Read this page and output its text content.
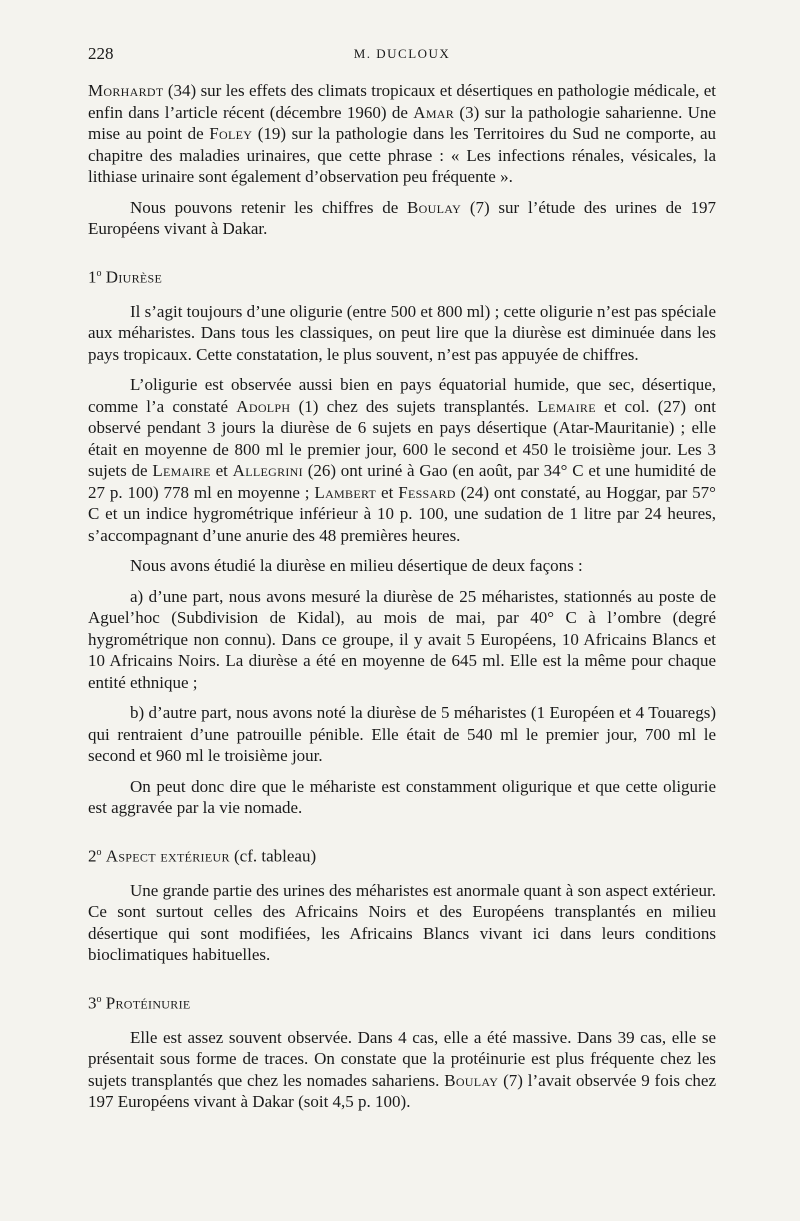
228	M. DUCLOUX

Morhardt (34) sur les effets des climats tropicaux et désertiques en pathologie médicale, et enfin dans l’article récent (décembre 1960) de Amar (3) sur la pathologie saharienne. Une mise au point de Foley (19) sur la pathologie dans les Territoires du Sud ne comporte, au chapitre des maladies urinaires, que cette phrase : « Les infections rénales, vésicales, la lithiase urinaire sont également d’observation peu fréquente ».

Nous pouvons retenir les chiffres de Boulay (7) sur l’étude des urines de 197 Européens vivant à Dakar.

1$^o$ Diurèse

Il s’agit toujours d’une oligurie (entre 500 et 800 ml) ; cette oligurie n’est pas spéciale aux méharistes. Dans tous les classiques, on peut lire que la diurèse est diminuée dans les pays tropicaux. Cette constatation, le plus souvent, n’est pas appuyée de chiffres.

L’oligurie est observée aussi bien en pays équatorial humide, que sec, désertique, comme l’a constaté Adolph (1) chez des sujets transplantés. Lemaire et col. (27) ont observé pendant 3 jours la diurèse de 6 sujets en pays désertique (Atar-Mauritanie) ; elle était en moyenne de 800 ml le premier jour, 600 le second et 450 le troisième jour. Les 3 sujets de Lemaire et Allegrini (26) ont uriné à Gao (en août, par 34° C et une humidité de 27 p. 100) 778 ml en moyenne ; Lambert et Fessard (24) ont constaté, au Hoggar, par 57° C et un indice hygrométrique inférieur à 10 p. 100, une sudation de 1 litre par 24 heures, s’accompagnant d’une anurie des 48 premières heures.

Nous avons étudié la diurèse en milieu désertique de deux façons :

a) d’une part, nous avons mesuré la diurèse de 25 méharistes, stationnés au poste de Aguel’hoc (Subdivision de Kidal), au mois de mai, par 40° C à l’ombre (degré hygrométrique non connu). Dans ce groupe, il y avait 5 Européens, 10 Africains Blancs et 10 Africains Noirs. La diurèse a été en moyenne de 645 ml. Elle est la même pour chaque entité ethnique ;

b) d’autre part, nous avons noté la diurèse de 5 méharistes (1 Européen et 4 Touaregs) qui rentraient d’une patrouille pénible. Elle était de 540 ml le premier jour, 700 ml le second et 960 ml le troisième jour.

On peut donc dire que le méhariste est constamment oligurique et que cette oligurie est aggravée par la vie nomade.

2$^o$ Aspect extérieur (cf. tableau)

Une grande partie des urines des méharistes est anormale quant à son aspect extérieur. Ce sont surtout celles des Africains Noirs et des Européens transplantés en milieu désertique qui sont modifiées, les Africains Blancs vivant ici dans leurs conditions bioclimatiques habituelles.

3$^o$ Protéinurie

Elle est assez souvent observée. Dans 4 cas, elle a été massive. Dans 39 cas, elle se présentait sous forme de traces. On constate que la protéinurie est plus fréquente chez les sujets transplantés que chez les nomades sahariens. Boulay (7) l’avait observée 9 fois chez 197 Européens vivant à Dakar (soit 4,5 p. 100).
